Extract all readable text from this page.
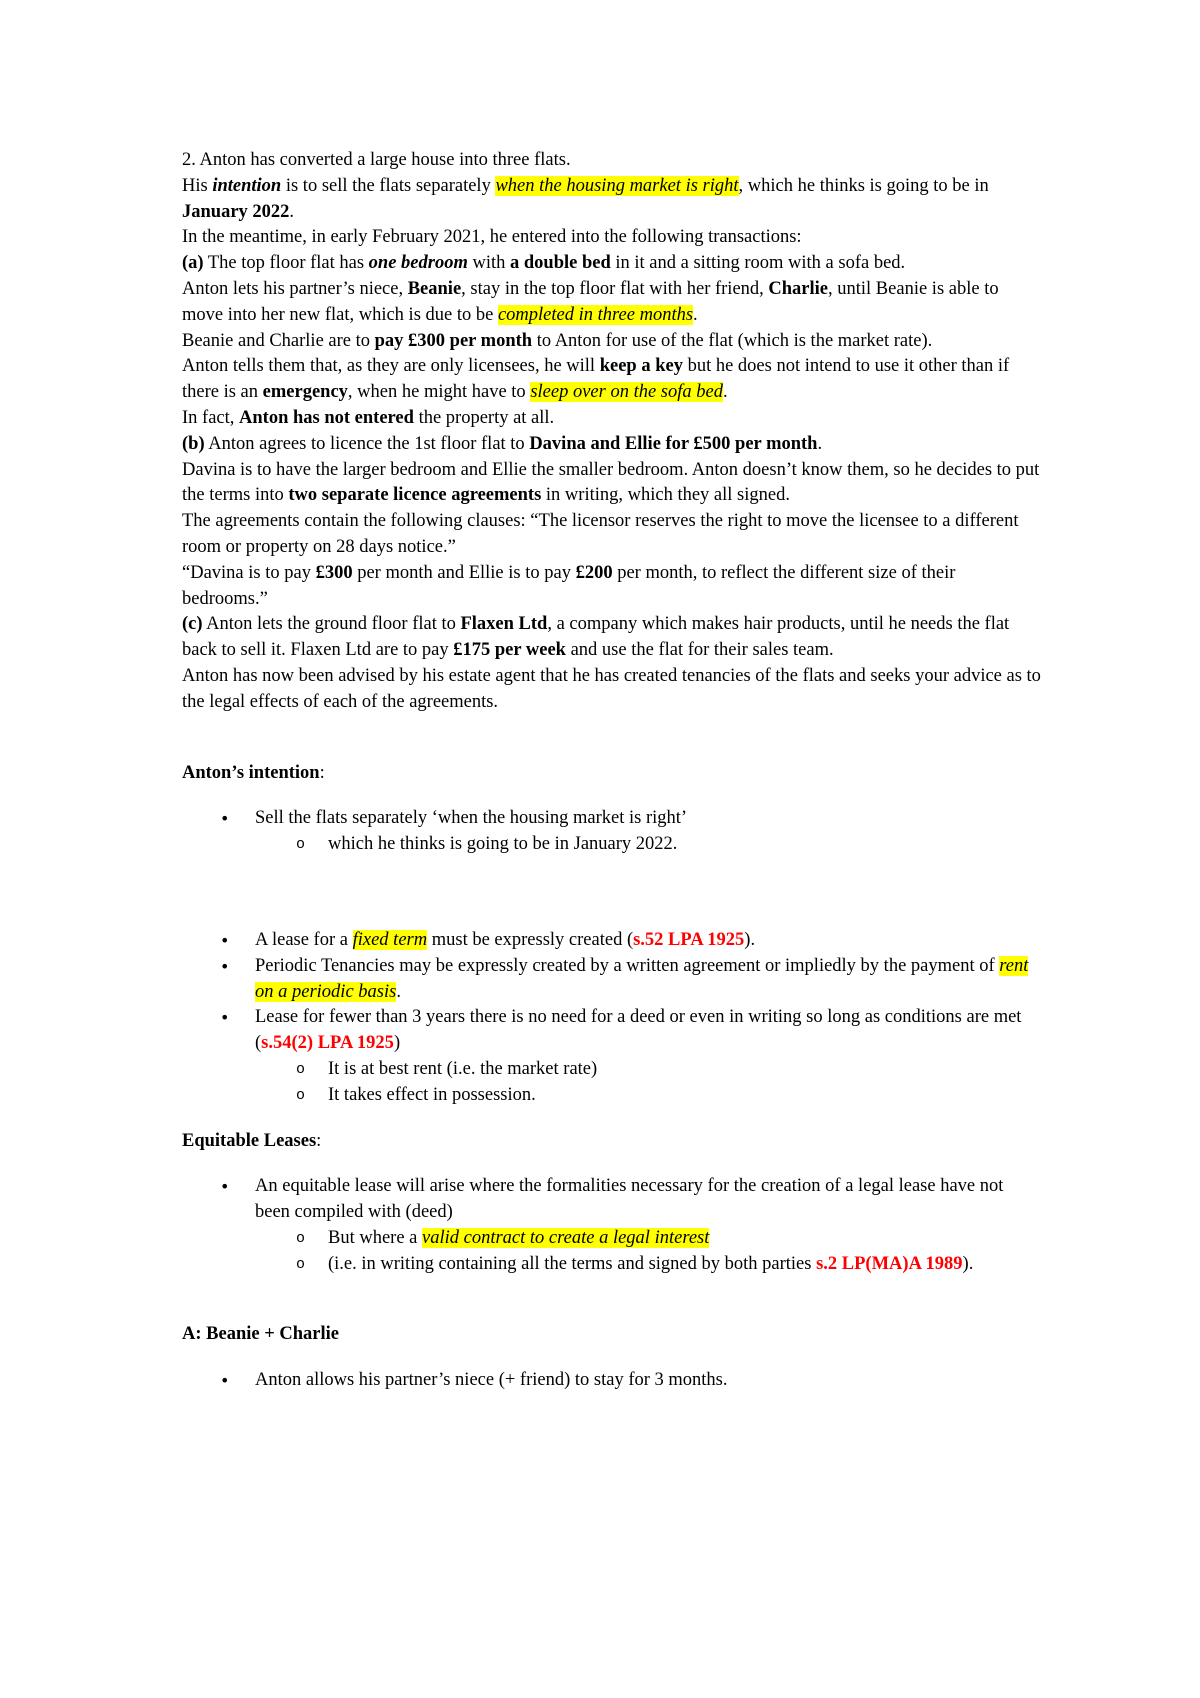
2. Anton has converted a large house into three flats.

His intention is to sell the flats separately when the housing market is right, which he thinks is going to be in January 2022.

In the meantime, in early February 2021, he entered into the following transactions:

(a) The top floor flat has one bedroom with a double bed in it and a sitting room with a sofa bed.

Anton lets his partner’s niece, Beanie, stay in the top floor flat with her friend, Charlie, until Beanie is able to move into her new flat, which is due to be completed in three months.

Beanie and Charlie are to pay £300 per month to Anton for use of the flat (which is the market rate).

Anton tells them that, as they are only licensees, he will keep a key but he does not intend to use it other than if there is an emergency, when he might have to sleep over on the sofa bed.

In fact, Anton has not entered the property at all.

(b) Anton agrees to licence the 1st floor flat to Davina and Ellie for £500 per month.

Davina is to have the larger bedroom and Ellie the smaller bedroom. Anton doesn’t know them, so he decides to put the terms into two separate licence agreements in writing, which they all signed.

The agreements contain the following clauses: “The licensor reserves the right to move the licensee to a different room or property on 28 days notice.”

“Davina is to pay £300 per month and Ellie is to pay £200 per month, to reflect the different size of their bedrooms.”

(c) Anton lets the ground floor flat to Flaxen Ltd, a company which makes hair products, until he needs the flat back to sell it. Flaxen Ltd are to pay £175 per week and use the flat for their sales team.

Anton has now been advised by his estate agent that he has created tenancies of the flats and seeks your advice as to the legal effects of each of the agreements.

Anton’s intention:

• Sell the flats separately ‘when the housing market is right’
o which he thinks is going to be in January 2022.
• A lease for a fixed term must be expressly created (s.52 LPA 1925).
• Periodic Tenancies may be expressly created by a written agreement or impliedly by the payment of rent on a periodic basis.
• Lease for fewer than 3 years there is no need for a deed or even in writing so long as conditions are met (s.54(2) LPA 1925)
o It is at best rent (i.e. the market rate)
o It takes effect in possession.

Equitable Leases:

• An equitable lease will arise where the formalities necessary for the creation of a legal lease have not been compiled with (deed)
o But where a valid contract to create a legal interest
o (i.e. in writing containing all the terms and signed by both parties s.2 LP(MA)A 1989).

A: Beanie + Charlie

• Anton allows his partner’s niece (+ friend) to stay for 3 months.
